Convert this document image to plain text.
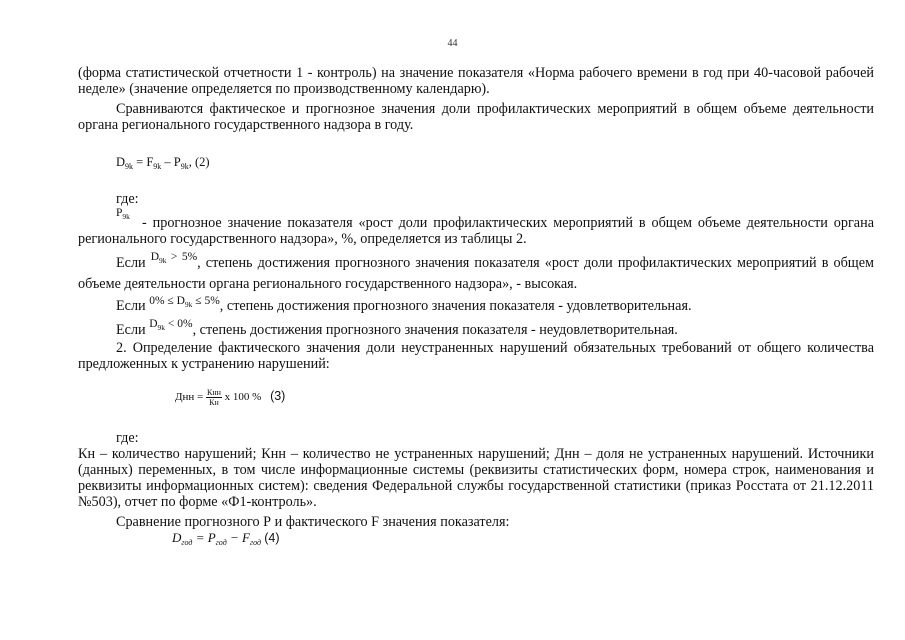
44
(форма статистической отчетности 1 - контроль) на значение показателя «Норма рабочего времени в год при 40-часовой рабочей неделе» (значение определяется по производственному календарю).
Сравниваются фактическое и прогнозное значения доли профилактических мероприятий в общем объеме деятельности органа регионального государственного надзора в году.
$D_{9k} = F_{9k} - P_{9k}$, (2)
где:
$P_{9k}$ - прогнозное значение показателя «рост доли профилактических мероприятий в общем объеме деятельности органа регионального государственного надзора», %, определяется из таблицы 2.
Если $^{D_{9k} > 5\%}$, степень достижения прогнозного значения показателя «рост доли профилактических мероприятий в общем объеме деятельности органа регионального государственного надзора», - высокая.
Если $^{0\% \le D_{9k} \le 5\%}$, степень достижения прогнозного значения показателя - удовлетворительная.
Если $^{D_{9k} < 0\%}$, степень достижения прогнозного значения показателя - неудовлетворительная.
2. Определение фактического значения доли неустраненных нарушений обязательных требований от общего количества предложенных к устранению нарушений:
Днн = $\frac{\text{Кнн}}{Кн}$ х 100 % (3)
где:
Кн – количество нарушений; Кнн – количество не устраненных нарушений; Днн – доля не устраненных нарушений. Источники (данных) переменных, в том числе информационные системы (реквизиты статистических форм, номера строк, наименования и реквизиты информационных систем): сведения Федеральной службы государственной статистики (приказ Росстата от 21.12.2011 №503), отчет по форме «Ф1-контроль».
Сравнение прогнозного Р и фактического F значения показателя:
$D_{год} = P_{год} - F_{год}$ (4)
